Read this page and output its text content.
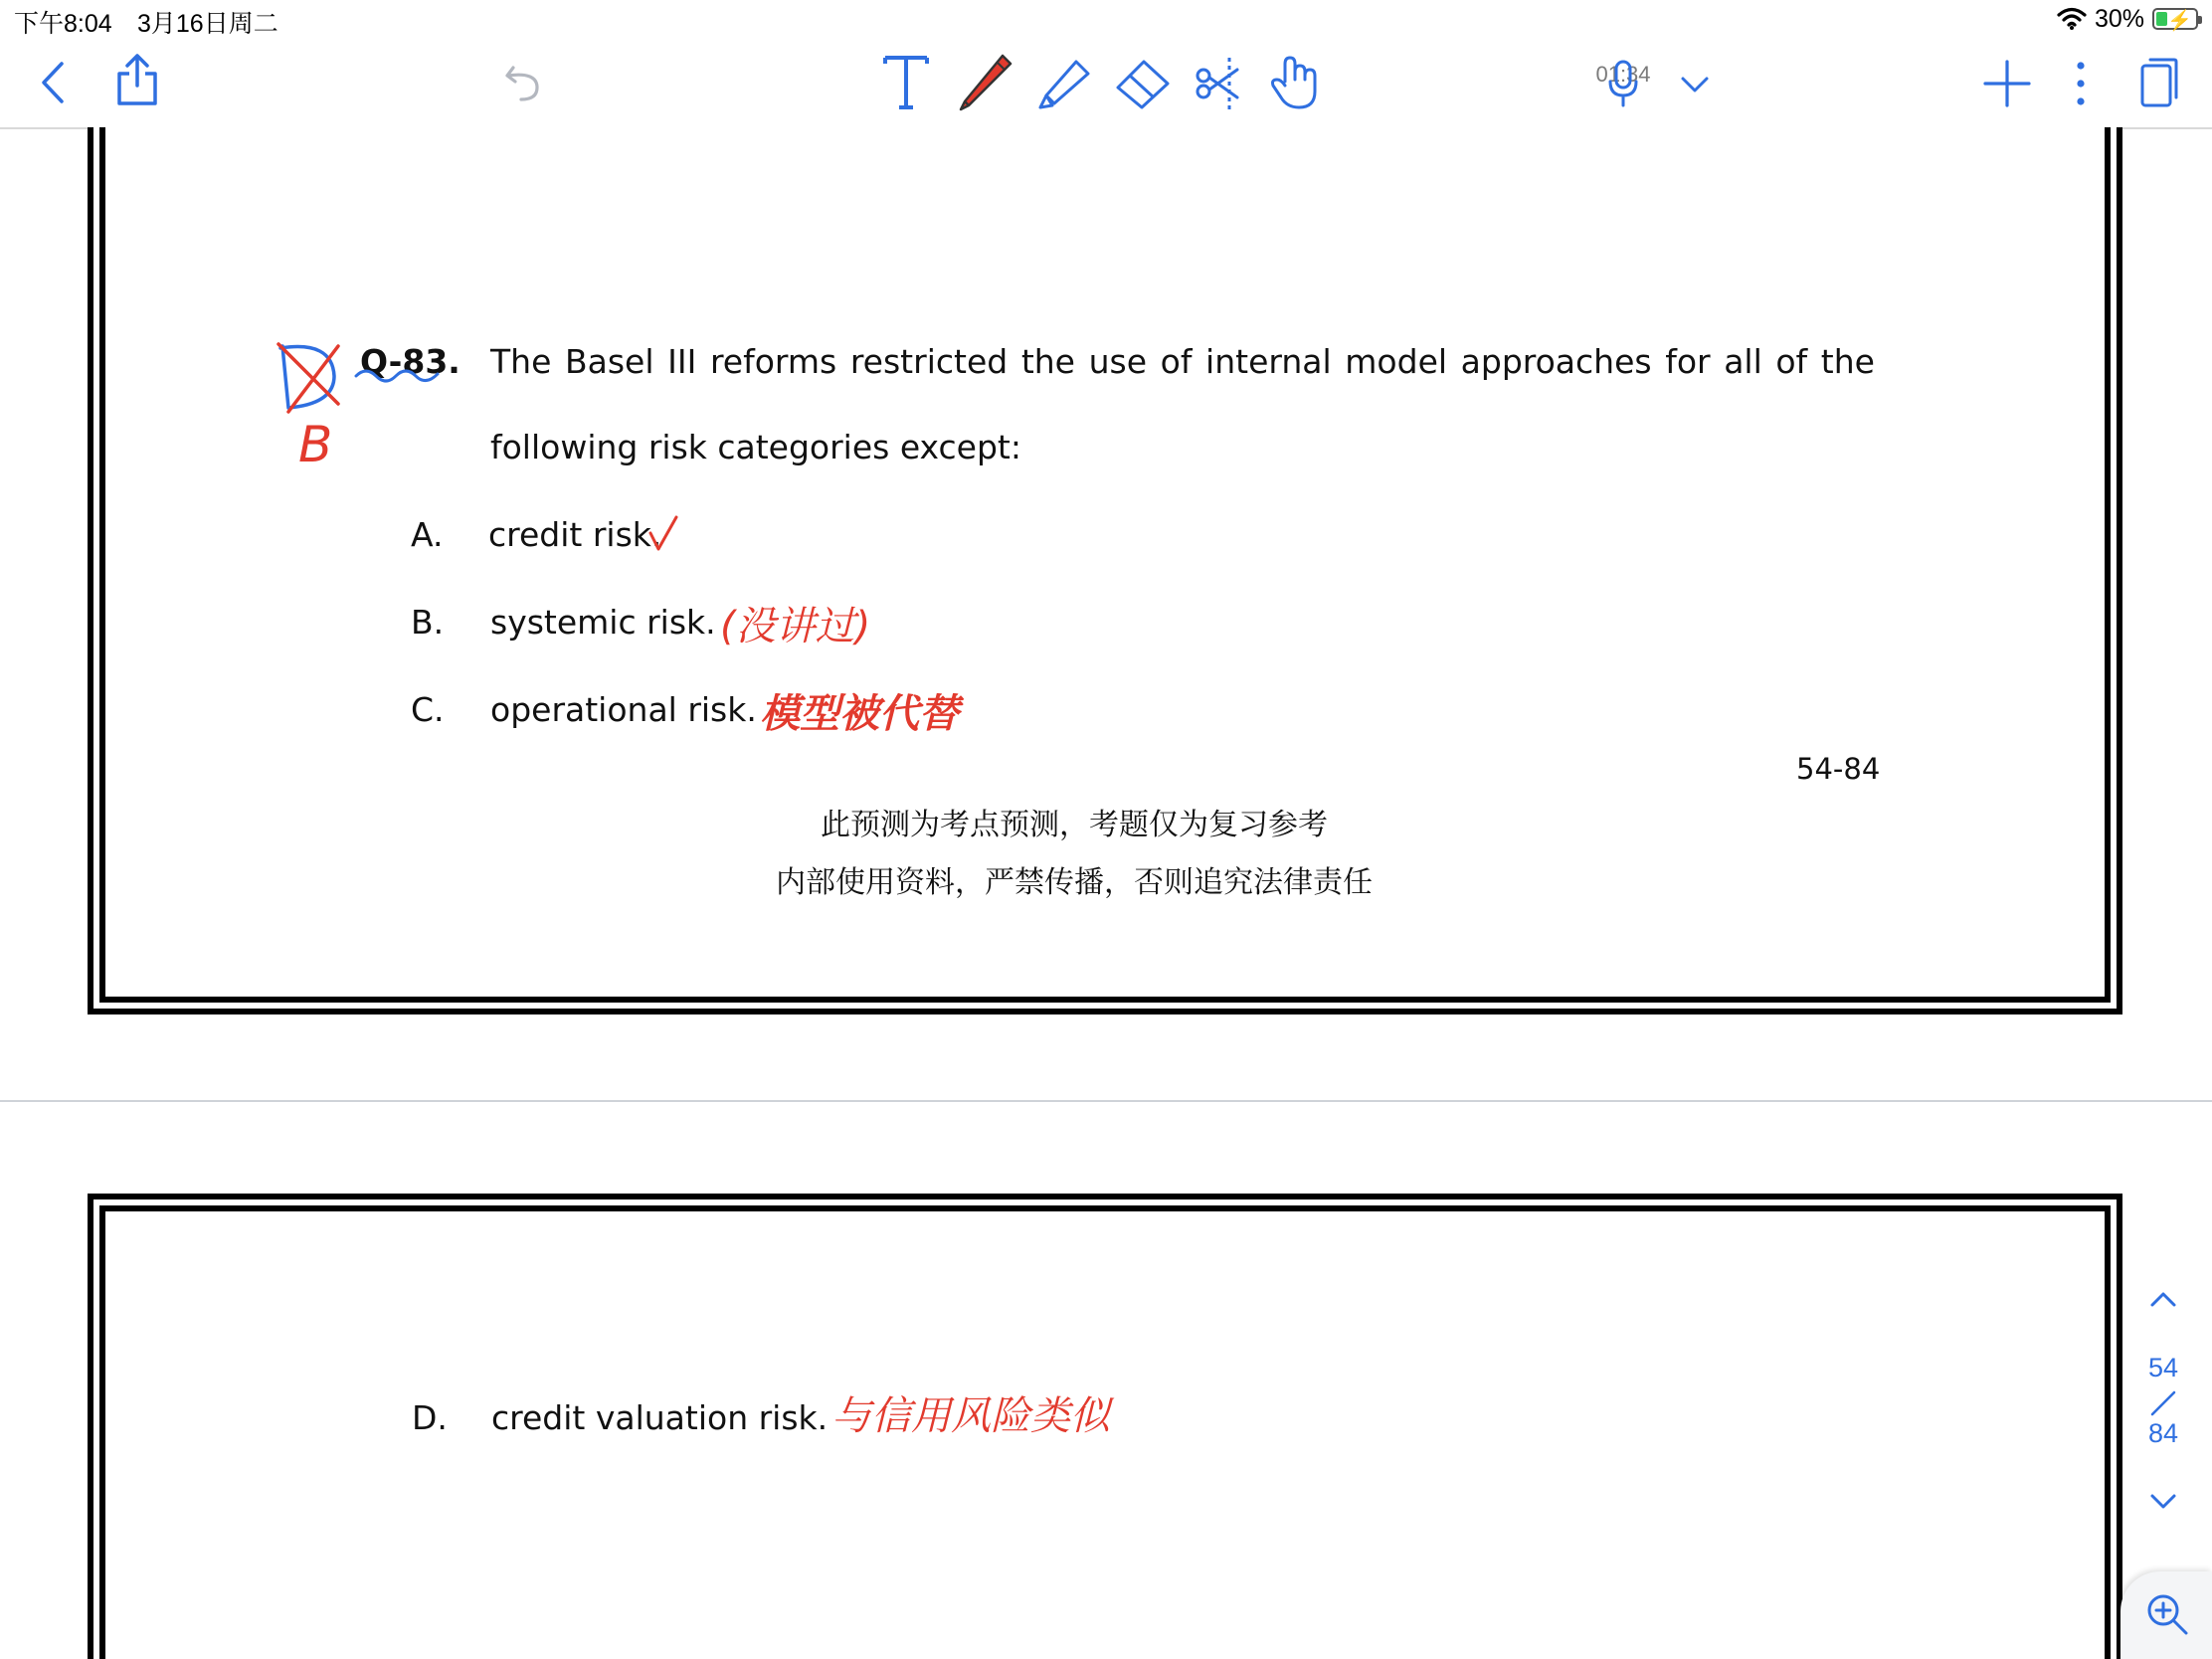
下午8:04 3月16日周二	30% ⚡
01:34
Q-83. The Basel III reforms restricted the use of internal model approaches for all of the
following risk categories except:
A. credit risk.
B. systemic risk.
C. operational risk.
54-84
此预测为考点预测，考题仅为复习参考
内部使用资料，严禁传播，否则追究法律责任
D. credit valuation risk.
B
(没讲过)
模型被代替
与信用风险类似
54
84
